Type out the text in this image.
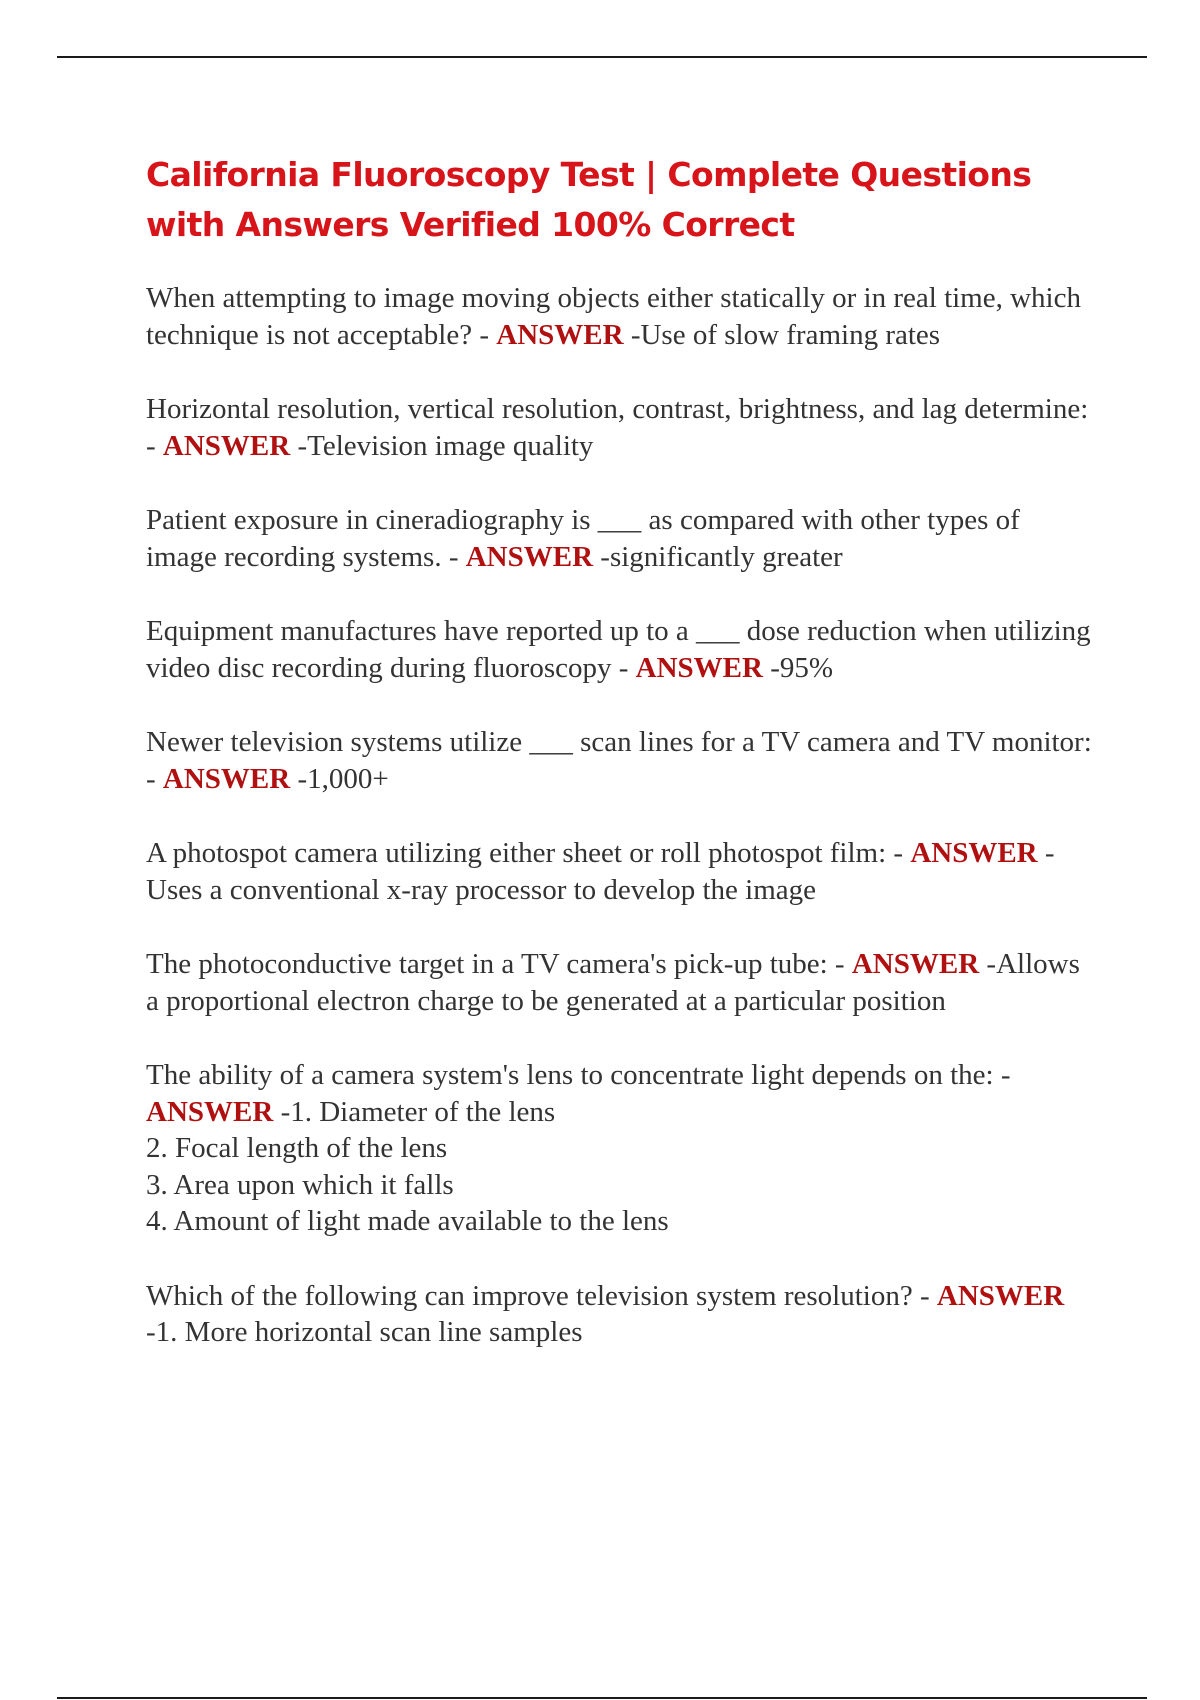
California Fluoroscopy Test | Complete Questions with Answers Verified 100% Correct

When attempting to image moving objects either statically or in real time, which technique is not acceptable? - ANSWER -Use of slow framing rates

Horizontal resolution, vertical resolution, contrast, brightness, and lag determine: - ANSWER -Television image quality

Patient exposure in cineradiography is ___ as compared with other types of image recording systems. - ANSWER -significantly greater

Equipment manufactures have reported up to a ___ dose reduction when utilizing video disc recording during fluoroscopy - ANSWER -95%

Newer television systems utilize ___ scan lines for a TV camera and TV monitor: - ANSWER -1,000+

A photospot camera utilizing either sheet or roll photospot film: - ANSWER -Uses a conventional x-ray processor to develop the image

The photoconductive target in a TV camera's pick-up tube: - ANSWER -Allows a proportional electron charge to be generated at a particular position

The ability of a camera system's lens to concentrate light depends on the: - ANSWER -1. Diameter of the lens
2. Focal length of the lens
3. Area upon which it falls
4. Amount of light made available to the lens

Which of the following can improve television system resolution? - ANSWER -1. More horizontal scan line samples
